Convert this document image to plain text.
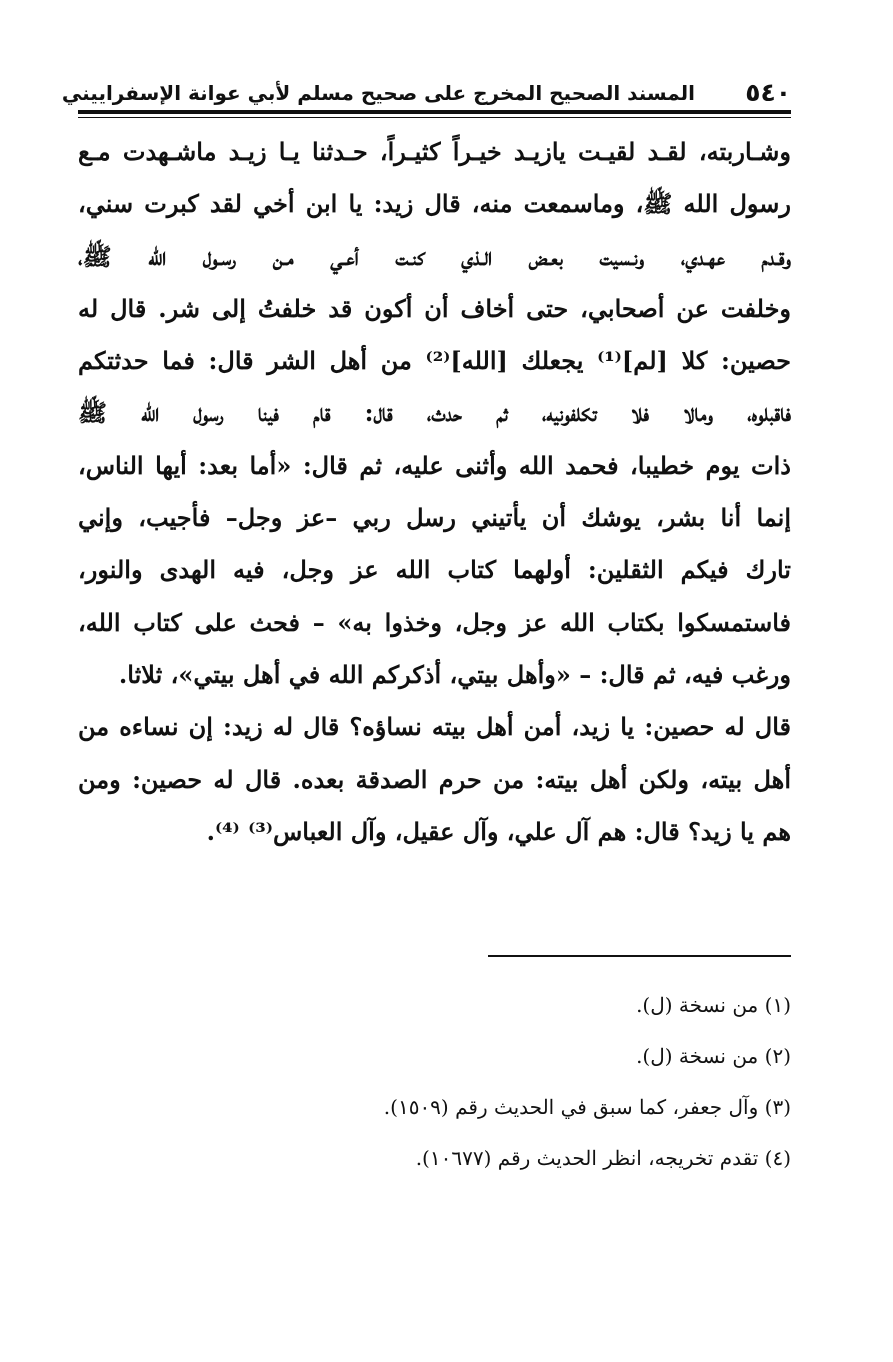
٥٤٠
المسند الصحيح المخرج على صحيح مسلم لأبي عوانة الإسفراييني
وشـاربته، لقـد لقيـت يازيـد خيـراً كثيـراً، حـدثنا يـا زيـد ماشـهدت مـع
رسول الله ﷺ، وماسمعت منه، قال زيد: يا ابن أخي لقد كبرت سني،
وقـدم عهـدي، ونـسيت بعـض الـذي كنـت أعـي مـن رسـول الله ﷺ،
وخلفت عن أصحابي، حتى أخاف أن أكون قد خلفتُ إلى شر. قال له
حصين: كلا [لم]⁽¹⁾ يجعلك [الله]⁽²⁾ من أهل الشر قال: فما حدثتكم
فاقبلوه، ومالا فلا تكلفونيه، ثم حدث، قال: قام فينا رسول الله ﷺ
ذات يوم خطيبا، فحمد الله وأثنى عليه، ثم قال: «أما بعد: أيها الناس،
إنما أنا بشر، يوشك أن يأتيني رسل ربي –عز وجل– فأجيب، وإني
تارك فيكم الثقلين: أولهما كتاب الله عز وجل، فيه الهدى والنور،
فاستمسكوا بكتاب الله عز وجل، وخذوا به» – فحث على كتاب الله،
ورغب فيه، ثم قال: – «وأهل بيتي، أذكركم الله في أهل بيتي»، ثلاثا.
قال له حصين: يا زيد، أمن أهل بيته نساؤه؟ قال له زيد: إن نساءه من
أهل بيته، ولكن أهل بيته: من حرم الصدقة بعده. قال له حصين: ومن
هم يا زيد؟ قال: هم آل علي، وآل عقيل، وآل العباس⁽³⁾ ⁽⁴⁾.
(١) من نسخة (ل).
(٢) من نسخة (ل).
(٣) وآل جعفر، كما سبق في الحديث رقم (١٥٠٩).
(٤) تقدم تخريجه، انظر الحديث رقم (١٠٦٧٧).
